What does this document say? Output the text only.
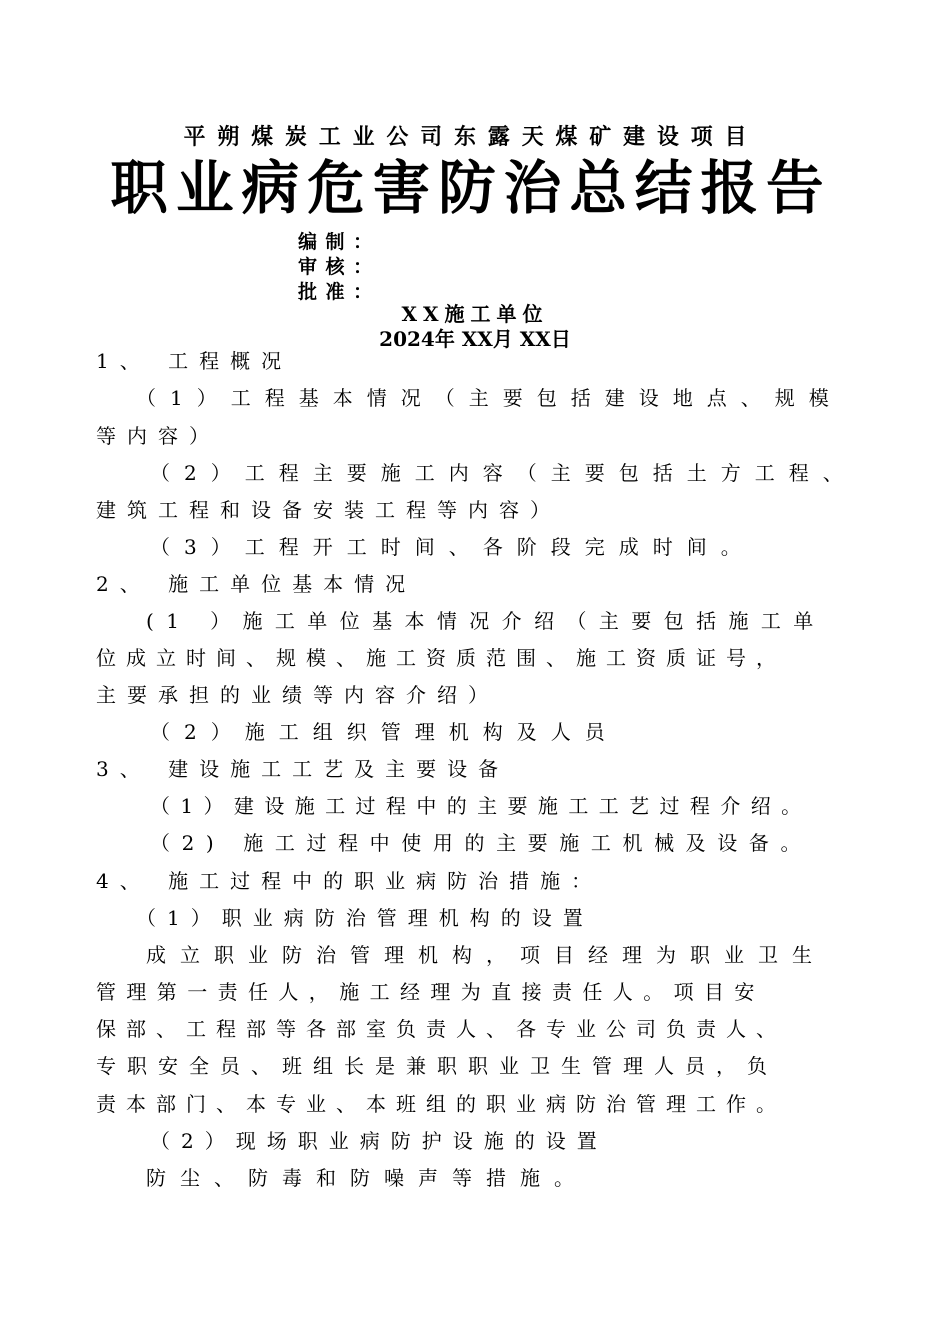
平朔煤炭工业公司东露天煤矿建设项目
职业病危害防治总结报告
编制：
审核：
批准：
XX施工单位
2024年 XX月 XX日
1、 工程概况
（1）工程基本情况（主要包括建设地点、规模
等内容）
（2）工程主要施工内容（主要包括土方工程、
建筑工程和设备安装工程等内容）
（3）工程开工时间、各阶段完成时间。
2、 施工单位基本情况
(1 ）施工单位基本情况介绍（主要包括施工单
位成立时间、规模、施工资质范围、施工资质证号，
主要承担的业绩等内容介绍）
（2）施工组织管理机构及人员
3、 建设施工工艺及主要设备
（1）建设施工过程中的主要施工工艺过程介绍。
（2) 施工过程中使用的主要施工机械及设备。
4、 施工过程中的职业病防治措施：
（1）职业病防治管理机构的设置
成立职业防治管理机构，项目经理为职业卫生
管理第一责任人，施工经理为直接责任人。项目安
保部、工程部等各部室负责人、各专业公司负责人、
专职安全员、班组长是兼职职业卫生管理人员，负
责本部门、本专业、本班组的职业病防治管理工作。
（2）现场职业病防护设施的设置
防尘、防毒和防噪声等措施。
